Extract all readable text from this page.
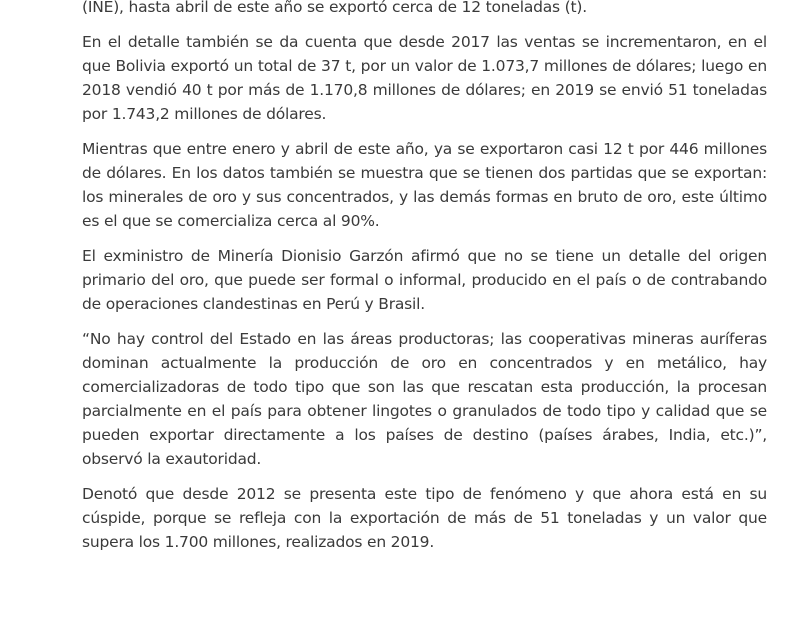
(INE), hasta abril de este año se exportó cerca de 12 toneladas (t).

En el detalle también se da cuenta que desde 2017 las ventas se incrementaron, en el que Bolivia exportó un total de 37 t, por un valor de 1.073,7 millones de dólares; luego en 2018 vendió 40 t por más de 1.170,8 millones de dólares; en 2019 se envió 51 toneladas por 1.743,2 millones de dólares.

Mientras que entre enero y abril de este año, ya se exportaron casi 12 t por 446 millones de dólares. En los datos también se muestra que se tienen dos partidas que se exportan: los minerales de oro y sus concentrados, y las demás formas en bruto de oro, este último es el que se comercializa cerca al 90%.

El exministro de Minería Dionisio Garzón afirmó que no se tiene un detalle del origen primario del oro, que puede ser formal o informal, producido en el país o de contrabando de operaciones clandestinas en Perú y Brasil.

“No hay control del Estado en las áreas productoras; las cooperativas mineras auríferas dominan actualmente la producción de oro en concentrados y en metálico, hay comercializadoras de todo tipo que son las que rescatan esta producción, la procesan parcialmente en el país para obtener lingotes o granulados de todo tipo y calidad que se pueden exportar directamente a los países de destino (países árabes, India, etc.)”, observó la exautoridad.

Denotó que desde 2012 se presenta este tipo de fenómeno y que ahora está en su cúspide, porque se refleja con la exportación de más de 51 toneladas y un valor que supera los 1.700 millones, realizados en 2019.
